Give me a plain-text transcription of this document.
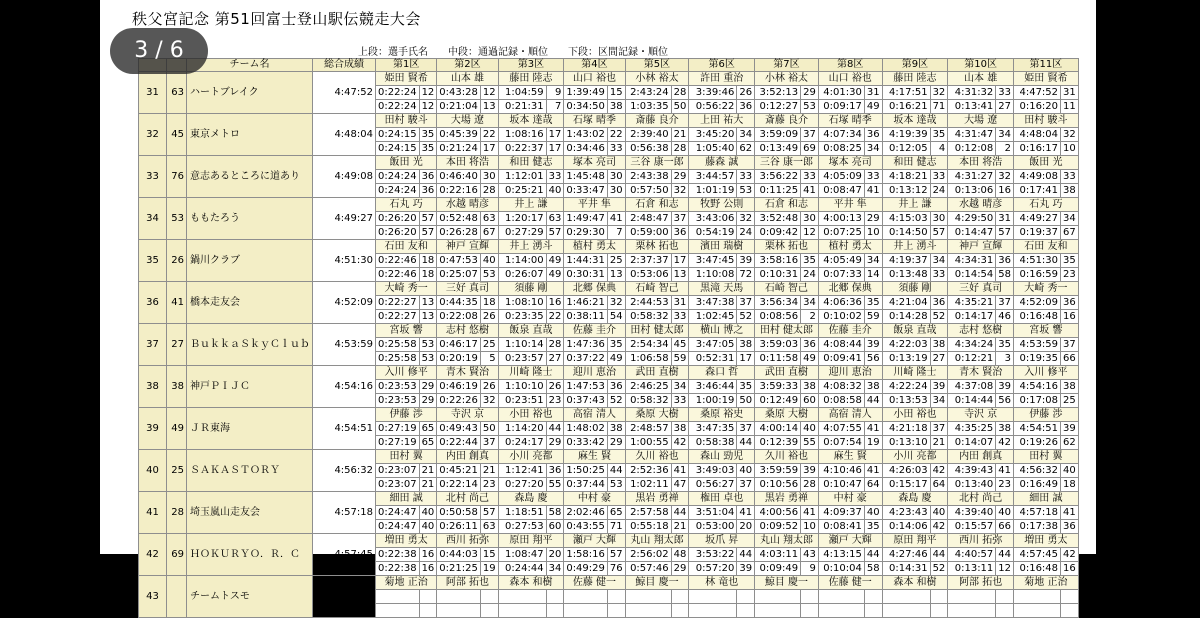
秩父宮記念 第51回富士登山駅伝競走大会
上段：選手氏名　　中段：通過記録・順位　　下段：区間記録・順位
		チーム名	総合成績	第1区		第2区		第3区		第4区		第5区		第6区		第7区		第8区		第9区		第10区		第11区	
31	63	ハートブレイク	4:47:52	姫田 賢希		山本 雄		藤田 陸志		山口 裕也		小林 裕太		許田 重治		小林 裕太		山口 裕也		藤田 陸志		山本 雄		姫田 賢希	
				0:22:24	12	0:43:28	12	1:04:59	9	1:39:49	15	2:43:24	28	3:39:46	26	3:52:13	29	4:01:30	31	4:17:51	32	4:31:32	33	4:47:52	31
				0:22:24	12	0:21:04	13	0:21:31	7	0:34:50	38	1:03:35	50	0:56:22	36	0:12:27	53	0:09:17	49	0:16:21	71	0:13:41	27	0:16:20	11
32	45	東京メトロ	4:48:04	田村 駿斗		大場 遼		坂本 達哉		石塚 晴季		斎藤 良介		上田 祐大		斎藤 良介		石塚 晴季		坂本 達哉		大場 遼		田村 駿斗	
				0:24:15	35	0:45:39	22	1:08:16	17	1:43:02	22	2:39:40	21	3:45:20	34	3:59:09	37	4:07:34	36	4:19:39	35	4:31:47	34	4:48:04	32
				0:24:15	35	0:21:24	17	0:22:37	17	0:34:46	33	0:56:38	28	1:05:40	62	0:13:49	69	0:08:25	34	0:12:05	4	0:12:08	2	0:16:17	10
33	76	意志あるところに道あり	4:49:08	飯田 光		本田 将浩		和田 健志		塚本 亮司		三谷 康一郎		藤森 誠		三谷 康一郎		塚本 亮司		和田 健志		本田 将浩		飯田 光	
				0:24:24	36	0:46:40	30	1:12:01	33	1:45:48	30	2:43:38	29	3:44:57	33	3:56:22	33	4:05:09	33	4:18:21	33	4:31:27	32	4:49:08	33
				0:24:24	36	0:22:16	28	0:25:21	40	0:33:47	30	0:57:50	32	1:01:19	53	0:11:25	41	0:08:47	41	0:13:12	24	0:13:06	16	0:17:41	38
34	53	ももたろう	4:49:27	石丸 巧		水越 晴彦		井上 謙		平井 隼		石倉 和志		牧野 公則		石倉 和志		平井 隼		井上 謙		水越 晴彦		石丸 巧	
				0:26:20	57	0:52:48	63	1:20:17	63	1:49:47	41	2:48:47	37	3:43:06	32	3:52:48	30	4:00:13	29	4:15:03	30	4:29:50	31	4:49:27	34
				0:26:20	57	0:26:28	67	0:27:29	57	0:29:30	7	0:59:00	36	0:54:19	24	0:09:42	12	0:07:25	10	0:14:50	57	0:14:47	57	0:19:37	67
35	26	鍋川クラブ	4:51:30	石田 友和		神戸 宣輝		井上 湧斗		植村 勇太		栗林 拓也		濱田 瑞樹		栗林 拓也		植村 勇太		井上 湧斗		神戸 宣輝		石田 友和	
				0:22:46	18	0:47:53	40	1:14:00	49	1:44:31	25	2:37:37	17	3:47:45	39	3:58:16	35	4:05:49	34	4:19:37	34	4:34:31	36	4:51:30	35
				0:22:46	18	0:25:07	53	0:26:07	49	0:30:31	13	0:53:06	13	1:10:08	72	0:10:31	24	0:07:33	14	0:13:48	33	0:14:54	58	0:16:59	23
36	41	橋本走友会	4:52:09	大崎 秀一		三好 真司		須藤 剛		北郷 保典		石崎 智己		黒滝 天馬		石崎 智己		北郷 保典		須藤 剛		三好 真司		大崎 秀一	
				0:22:27	13	0:44:35	18	1:08:10	16	1:46:21	32	2:44:53	31	3:47:38	37	3:56:34	34	4:06:36	35	4:21:04	36	4:35:21	37	4:52:09	36
				0:22:27	13	0:22:08	26	0:23:35	22	0:38:11	54	0:58:32	33	1:02:45	52	0:08:56	2	0:10:02	59	0:14:28	52	0:14:17	46	0:16:48	16
37	27	ＢｕｋｋａＳｋｙＣｌｕｂ	4:53:59	宮坂 響		志村 悠樹		飯泉 直哉		佐藤 圭介		田村 健太郎		横山 博之		田村 健太郎		佐藤 圭介		飯泉 直哉		志村 悠樹		宮坂 響	
				0:25:58	53	0:46:17	25	1:10:14	28	1:47:36	35	2:54:34	45	3:47:05	38	3:59:03	36	4:08:44	39	4:22:03	38	4:34:24	35	4:53:59	37
				0:25:58	53	0:20:19	5	0:23:57	27	0:37:22	49	1:06:58	59	0:52:31	17	0:11:58	49	0:09:41	56	0:13:19	27	0:12:21	3	0:19:35	66
38	38	神戸ＰＩＪＣ	4:54:16	入川 修平		青木 賢治		川崎 隆士		迎川 恵治		武田 直樹		森口 哲		武田 直樹		迎川 恵治		川崎 隆士		青木 賢治		入川 修平	
				0:23:53	29	0:46:19	26	1:10:10	26	1:47:53	36	2:46:25	34	3:46:44	35	3:59:33	38	4:08:32	38	4:22:24	39	4:37:08	39	4:54:16	38
				0:23:53	29	0:22:26	32	0:23:51	23	0:37:43	52	0:58:32	33	1:00:19	50	0:12:49	60	0:08:58	44	0:13:53	34	0:14:44	56	0:17:08	25
39	49	ＪＲ東海	4:54:51	伊藤 渉		寺沢 京		小田 裕也		高宿 清人		桑原 大樹		桑原 裕史		桑原 大樹		高宿 清人		小田 裕也		寺沢 京		伊藤 渉	
				0:27:19	65	0:49:43	50	1:14:20	44	1:48:02	38	2:48:57	38	3:47:35	37	4:00:14	40	4:07:55	41	4:21:18	37	4:35:25	38	4:54:51	39
				0:27:19	65	0:22:44	37	0:24:17	29	0:33:42	29	1:00:55	42	0:58:38	44	0:12:39	55	0:07:54	19	0:13:10	21	0:14:07	42	0:19:26	62
40	25	ＳＡＫＡＳＴＯＲＹ	4:56:32	田村 翼		内田 創真		小川 亮都		麻生 賢		久川 裕也		森山 勁児		久川 裕也		麻生 賢		小川 亮都		内田 創真		田村 翼	
				0:23:07	21	0:45:21	21	1:12:41	36	1:50:25	44	2:52:36	41	3:49:03	40	3:59:59	39	4:10:46	41	4:26:03	42	4:39:43	41	4:56:32	40
				0:23:07	21	0:22:14	23	0:27:20	55	0:37:44	53	1:02:11	47	0:56:27	37	0:10:56	28	0:10:47	64	0:15:17	64	0:13:40	23	0:16:49	18
41	28	埼玉嵐山走友会	4:57:18	細田 誠		北村 尚己		森島 慶		中村 豪		黒岩 勇禅		権田 卓也		黒岩 勇禅		中村 豪		森島 慶		北村 尚己		細田 誠	
				0:24:47	40	0:50:58	57	1:18:51	58	2:02:46	65	2:57:58	44	3:51:04	41	4:00:56	41	4:09:37	40	4:23:43	40	4:39:40	40	4:57:18	41
				0:24:47	40	0:26:11	63	0:27:53	60	0:43:55	71	0:55:18	21	0:53:00	20	0:09:52	10	0:08:41	35	0:14:06	42	0:15:57	66	0:17:38	36
42	69	ＨＯＫＵＲＹＯ．Ｒ．Ｃ	4:57:45	増田 勇太		西川 拓弥		原田 翔平		瀬戸 大輝		丸山 翔太郎		坂爪 昇		丸山 翔太郎		瀬戸 大輝		原田 翔平		西川 拓弥		増田 勇太	
				0:22:38	16	0:44:03	15	1:08:47	20	1:58:16	57	2:56:02	48	3:53:22	44	4:03:11	43	4:13:15	44	4:27:46	44	4:40:57	44	4:57:45	42
				0:22:38	16	0:21:25	19	0:24:44	34	0:49:29	76	0:57:46	29	0:57:20	39	0:09:49	9	0:10:04	58	0:14:31	52	0:13:11	12	0:16:48	16
43		チームトスモ	4:59:00	菊地 正治		阿部 拓也		森本 和樹		佐藤 健一		鯨目 慶一		林 竜也		鯨目 慶一		佐藤 健一		森本 和樹		阿部 拓也		菊地 正治	

3 / 6
